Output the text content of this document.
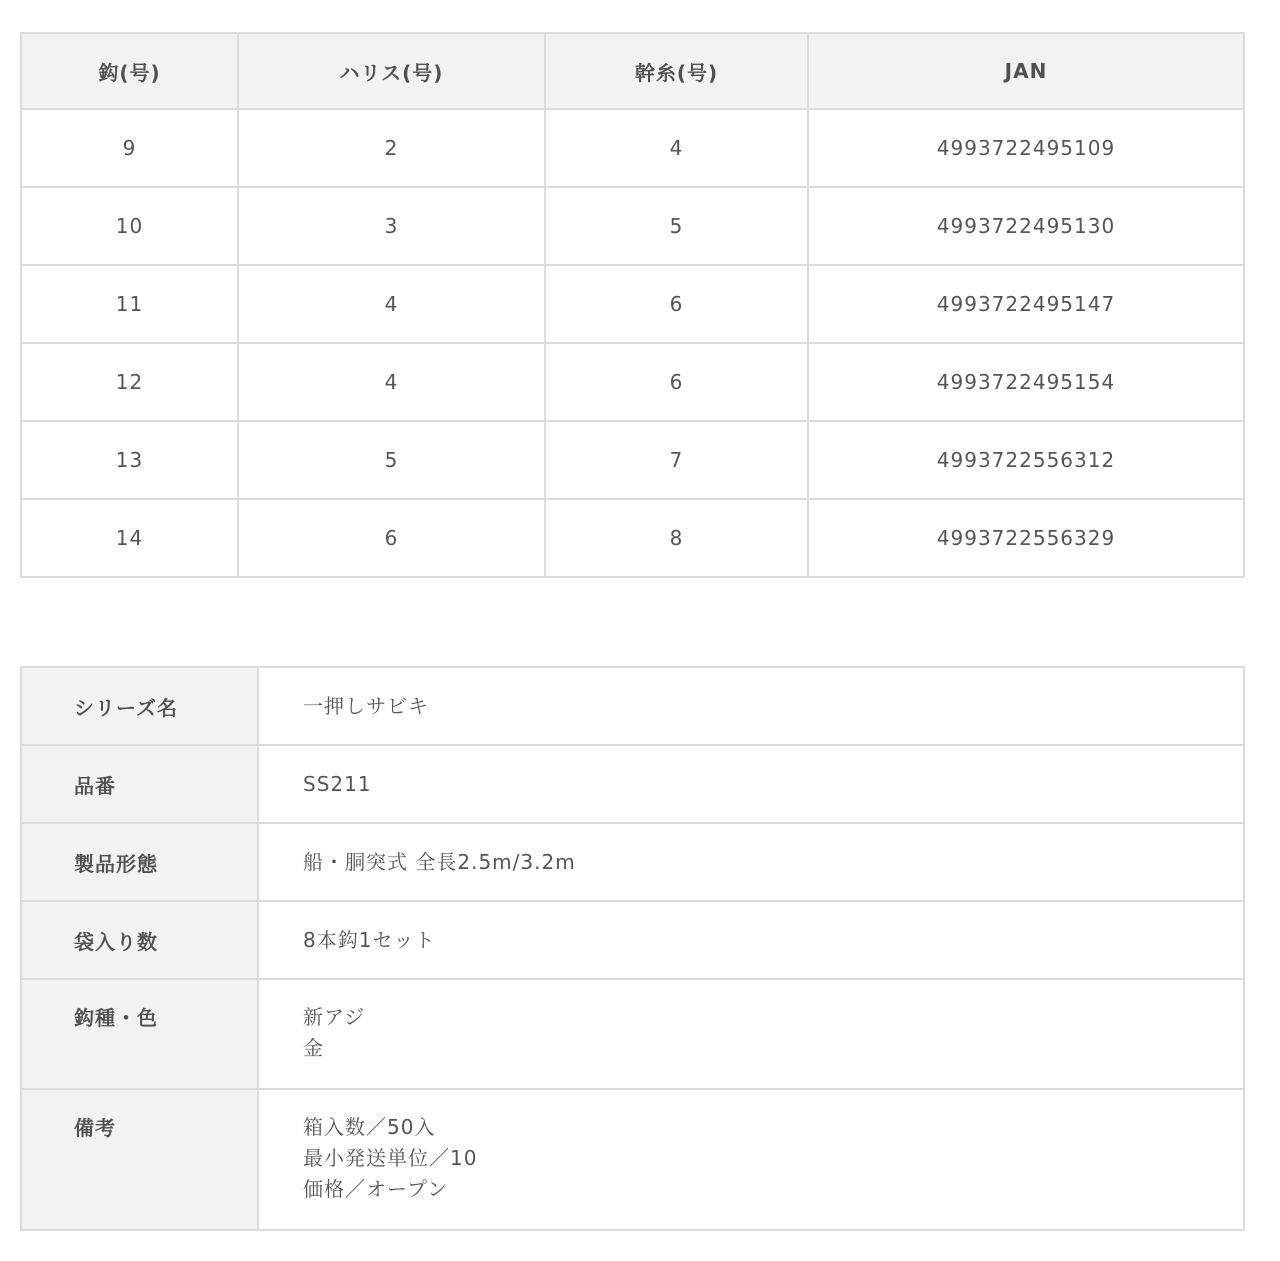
鈎(号)	ハリス(号)	幹糸(号)	JAN
9	2	4	4993722495109
10	3	5	4993722495130
11	4	6	4993722495147
12	4	6	4993722495154
13	5	7	4993722556312
14	6	8	4993722556329
シリーズ名	一押しサビキ

品番	SS211

製品形態	船・胴突式 全長2.5m/3.2m

袋入り数	8本鈎1セット

鈎種・色	新アジ
金

備考	箱入数／50入
最小発送単位／10
価格／オープン
